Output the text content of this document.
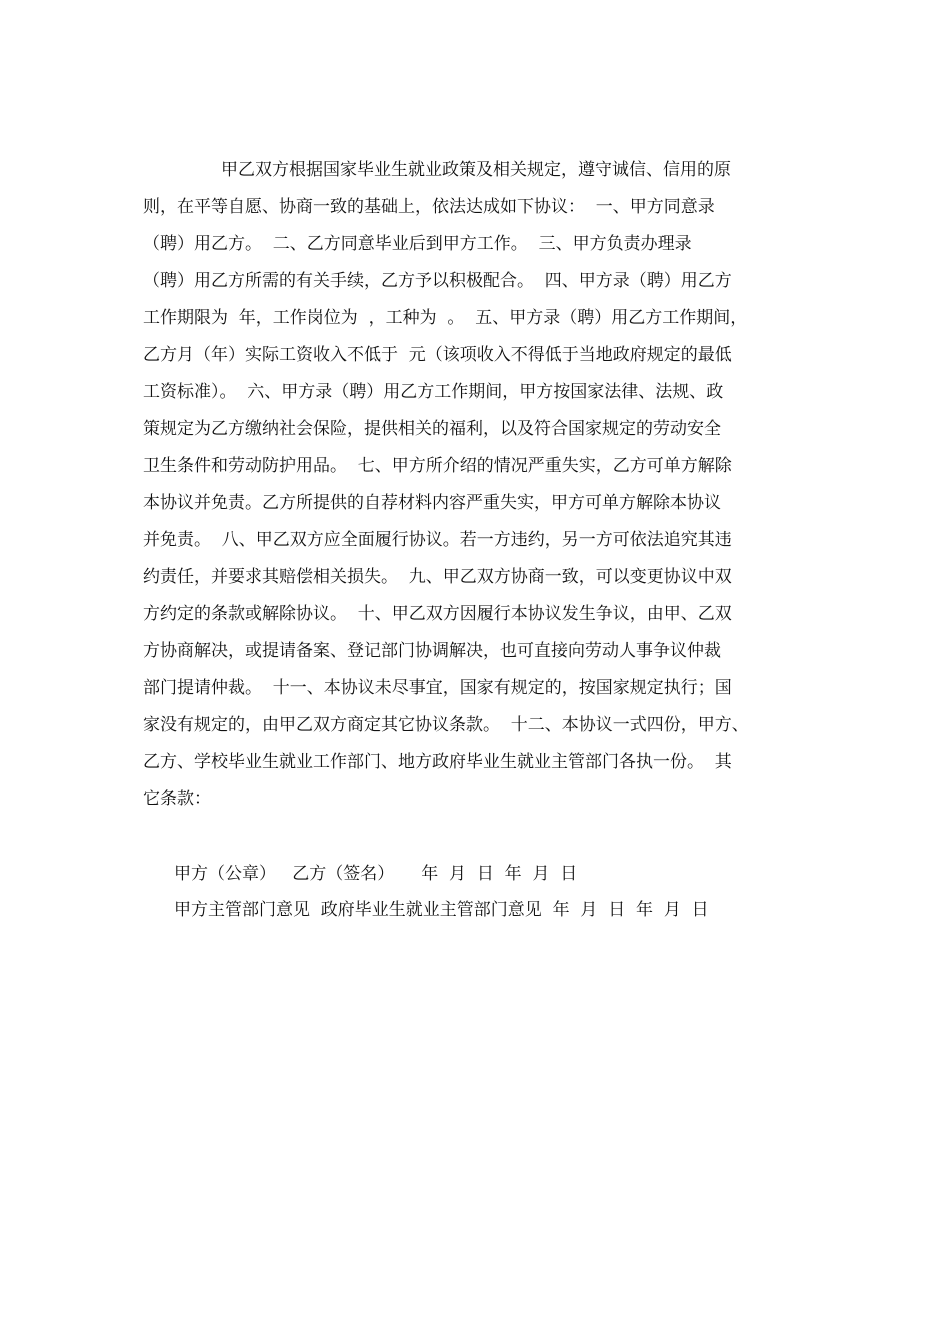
甲乙双方根据国家毕业生就业政策及相关规定，遵守诚信、信用的原
则，在平等自愿、协商一致的基础上，依法达成如下协议：  一、甲方同意录
（聘）用乙方。  二、乙方同意毕业后到甲方工作。  三、甲方负责办理录
（聘）用乙方所需的有关手续，乙方予以积极配合。  四、甲方录（聘）用乙方
工作期限为  年，工作岗位为  ，工种为  。  五、甲方录（聘）用乙方工作期间，
乙方月（年）实际工资收入不低于  元（该项收入不得低于当地政府规定的最低
工资标准）。  六、甲方录（聘）用乙方工作期间，甲方按国家法律、法规、政
策规定为乙方缴纳社会保险，提供相关的福利，以及符合国家规定的劳动安全
卫生条件和劳动防护用品。  七、甲方所介绍的情况严重失实，乙方可单方解除
本协议并免责。乙方所提供的自荐材料内容严重失实，甲方可单方解除本协议
并免责。  八、甲乙双方应全面履行协议。若一方违约，另一方可依法追究其违
约责任，并要求其赔偿相关损失。  九、甲乙双方协商一致，可以变更协议中双
方约定的条款或解除协议。  十、甲乙双方因履行本协议发生争议，由甲、乙双
方协商解决，或提请备案、登记部门协调解决，也可直接向劳动人事争议仲裁
部门提请仲裁。  十一、本协议未尽事宜，国家有规定的，按国家规定执行；国
家没有规定的，由甲乙双方商定其它协议条款。  十二、本协议一式四份，甲方、
乙方、学校毕业生就业工作部门、地方政府毕业生就业主管部门各执一份。  其
它条款：
甲方（公章）   乙方（签名）     年  月  日  年  月  日
甲方主管部门意见  政府毕业生就业主管部门意见  年  月  日  年  月  日
